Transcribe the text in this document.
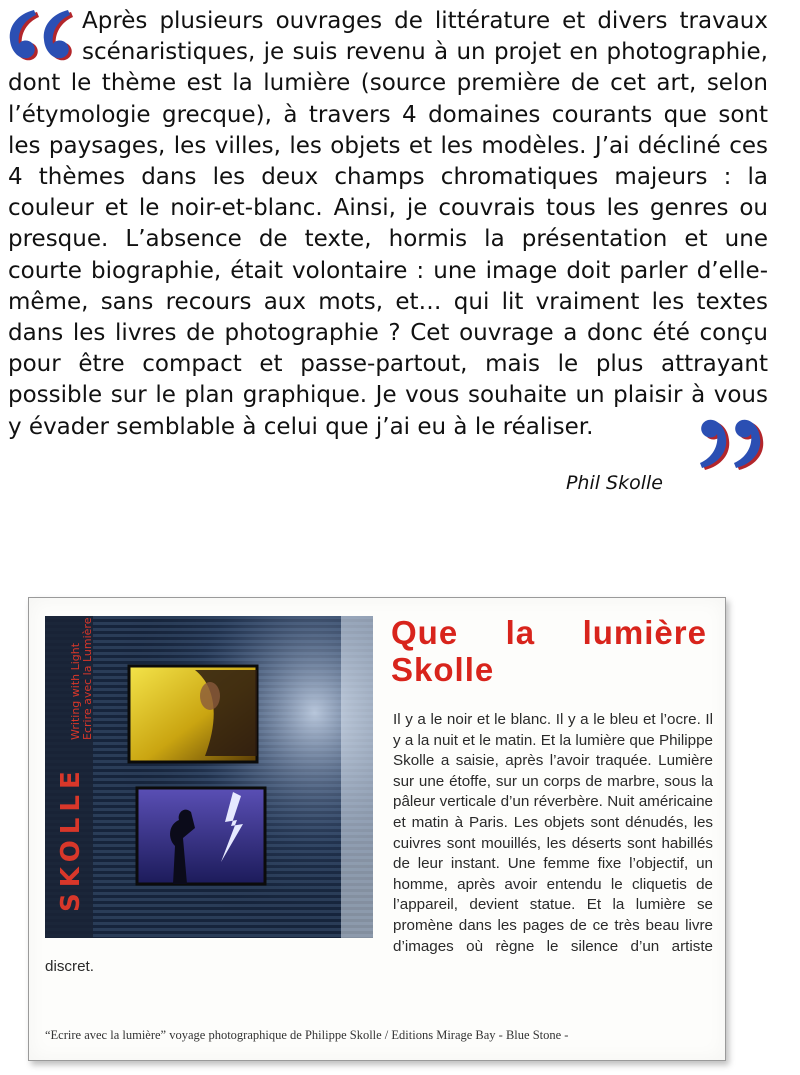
Après plusieurs ouvrages de littérature et divers travaux scénaristiques, je suis revenu à un projet en photographie, dont le thème est la lumière (source première de cet art, selon l’étymologie grecque), à travers 4 domaines courants que sont les paysages, les villes, les objets et les modèles. J’ai décliné ces 4 thèmes dans les deux champs chromatiques majeurs : la couleur et le noir-et-blanc. Ainsi, je couvrais tous les genres ou presque. L’absence de texte, hormis la présentation et une courte biographie, était volontaire : une image doit parler d’elle-même, sans recours aux mots, et… qui lit vraiment les textes dans les livres de photographie ? Cet ouvrage a donc été conçu pour être compact et passe-partout, mais le plus attrayant possible sur le plan graphique. Je vous souhaite un plaisir à vous y évader semblable à celui que j’ai eu à le réaliser.

Phil Skolle
SKOLLE
Writing with Light Ecrire avec la Lumière	Que la lumière Skolle

Il y a le noir et le blanc. Il y a le bleu et l’ocre. Il y a la nuit et le matin. Et la lumière que Philippe Skolle a saisie, après l’avoir traquée. Lumière sur une étoffe, sur un corps de marbre, sous la pâleur verticale d’un réverbère. Nuit américaine et matin à Paris. Les objets sont dénudés, les cuivres sont mouillés, les déserts sont habillés de leur instant. Une femme fixe l’objectif, un homme, après avoir entendu le cliquetis de l’appareil, devient statue. Et la lumière se promène dans les pages de ce très beau livre d’images où règne le silence d’un artiste discret.

“Ecrire avec la lumière” voyage photographique de Philippe Skolle / Editions Mirage Bay - Blue Stone -
